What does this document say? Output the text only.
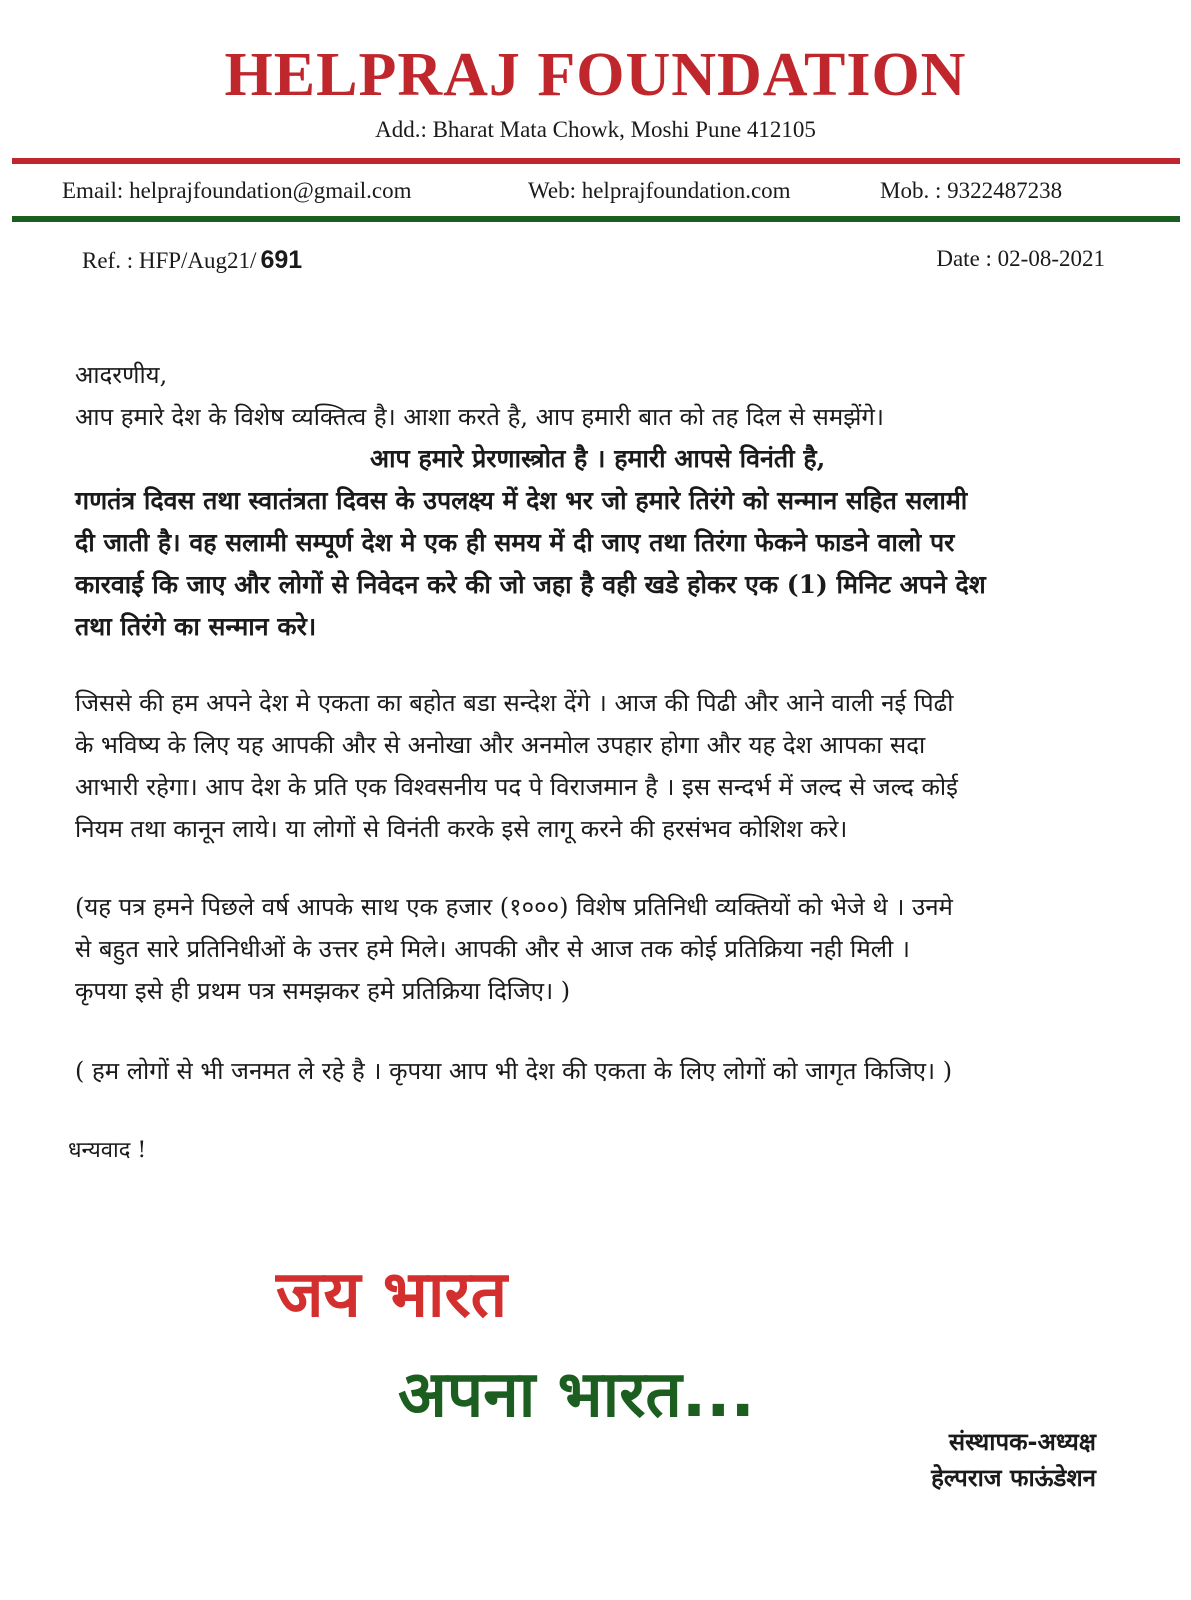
HELPRAJ FOUNDATION
Add.: Bharat Mata Chowk, Moshi Pune 412105
Email: helprajfoundation@gmail.com	Web: helprajfoundation.com	Mob. : 9322487238
Ref. : HFP/Aug21/ 691	Date : 02-08-2021
आदरणीय,
आप हमारे देश के विशेष व्यक्तित्व है। आशा करते है, आप हमारी बात को तह दिल से समझेंगे।
आप हमारे प्रेरणास्त्रोत है । हमारी आपसे विनंती है,
गणतंत्र दिवस तथा स्वातंत्रता दिवस के उपलक्ष्य में देश भर जो हमारे तिरंगे को सन्मान सहित सलामी
दी जाती है। वह सलामी सम्पूर्ण देश मे एक ही समय में दी जाए तथा तिरंगा फेकने फाडने वालो पर
कारवाई कि जाए और लोगों से निवेदन करे की जो जहा है वही खडे होकर एक (1) मिनिट अपने देश
तथा तिरंगे का सन्मान करे।
जिससे की हम अपने देश मे एकता का बहोत बडा सन्देश देंगे । आज की पिढी और आने वाली नई पिढी
के भविष्य के लिए यह आपकी और से अनोखा और अनमोल उपहार होगा और यह देश आपका सदा
आभारी रहेगा। आप देश के प्रति एक विश्वसनीय पद पे विराजमान है । इस सन्दर्भ में जल्द से जल्द कोई
नियम तथा कानून लाये। या लोगों से विनंती करके इसे लागू करने की हरसंभव कोशिश करे।
(यह पत्र हमने पिछले वर्ष आपके साथ एक हजार (१०००) विशेष प्रतिनिधी व्यक्तियों को भेजे थे । उनमे
से बहुत सारे प्रतिनिधीओं के उत्तर हमे मिले। आपकी और से आज तक कोई प्रतिक्रिया नही मिली ।
कृपया इसे ही प्रथम पत्र समझकर हमे प्रतिक्रिया दिजिए। )
( हम लोगों से भी जनमत ले रहे है । कृपया आप भी देश की एकता के लिए लोगों को जागृत किजिए। )
धन्यवाद !
जय भारत
अपना भारत...
संस्थापक-अध्यक्ष
हेल्पराज फाऊंडेशन
